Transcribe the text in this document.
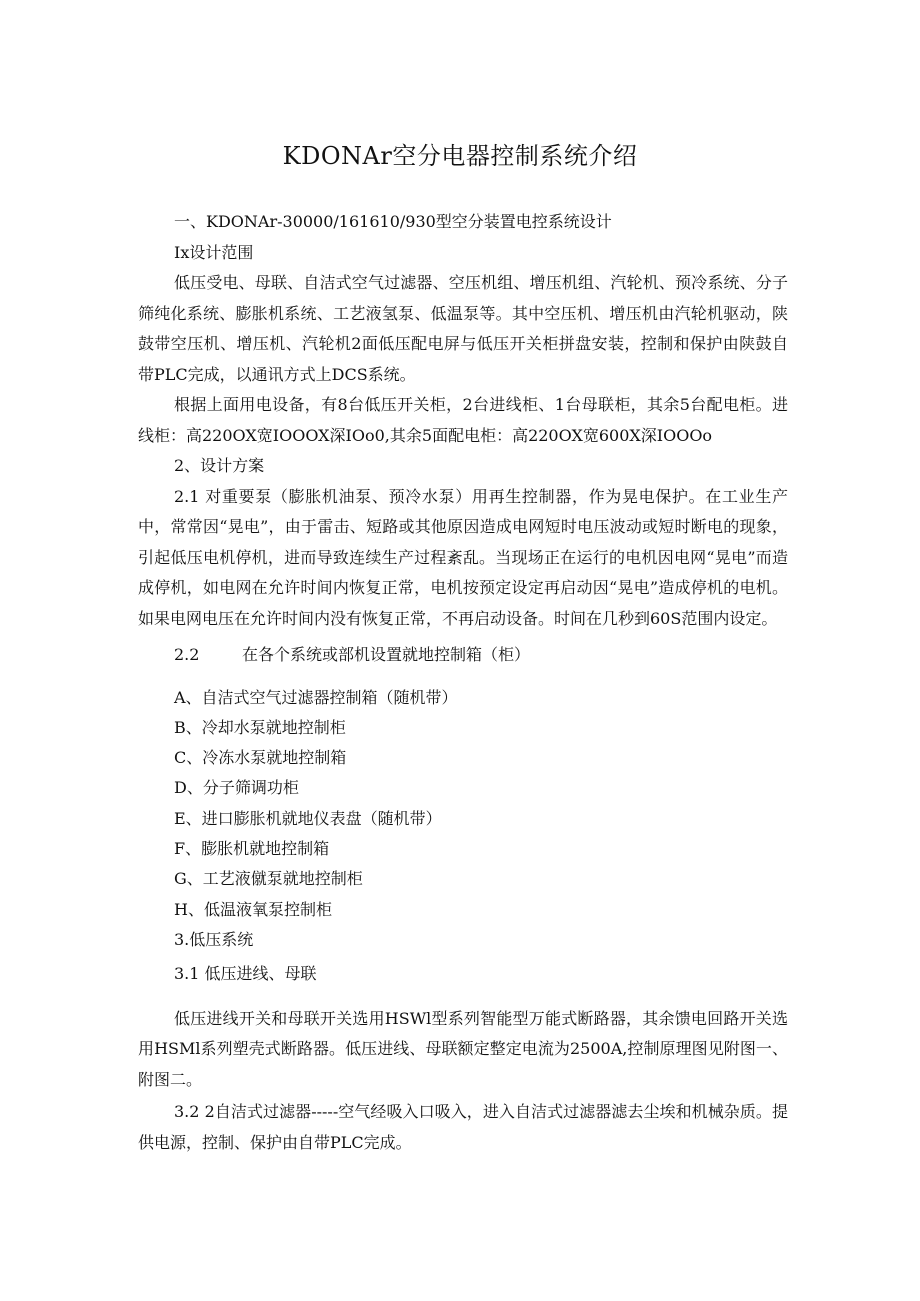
KDONAr空分电器控制系统介绍

一、KDONAr-30000/161610/930型空分装置电控系统设计

Ix设计范围

低压受电、母联、自洁式空气过滤器、空压机组、增压机组、汽轮机、预冷系统、分子筛纯化系统、膨胀机系统、工艺液氢泵、低温泵等。其中空压机、增压机由汽轮机驱动，陕鼓带空压机、增压机、汽轮机2面低压配电屏与低压开关柜拼盘安装，控制和保护由陕鼓自带PLC完成，以通讯方式上DCS系统。

根据上面用电设备，有8台低压开关柜，2台进线柜、1台母联柜，其余5台配电柜。进线柜：高220OX宽IOOOX深IOo0,其余5面配电柜：高220OX宽600X深IOOOo

2、设计方案

2.1 对重要泵（膨胀机油泵、预冷水泵）用再生控制器，作为晃电保护。在工业生产中，常常因“晃电”，由于雷击、短路或其他原因造成电网短时电压波动或短时断电的现象，引起低压电机停机，进而导致连续生产过程紊乱。当现场正在运行的电机因电网“晃电”而造成停机，如电网在允许时间内恢复正常，电机按预定设定再启动因“晃电”造成停机的电机。如果电网电压在允许时间内没有恢复正常，不再启动设备。时间在几秒到60S范围内设定。

2.2	在各个系统或部机设置就地控制箱（柜）

A、自洁式空气过滤器控制箱（随机带）

B、冷却水泵就地控制柜

C、冷冻水泵就地控制箱

D、分子筛调功柜

E、进口膨胀机就地仪表盘（随机带）

F、膨胀机就地控制箱

G、工艺液僦泵就地控制柜

H、低温液氧泵控制柜

3.低压系统

3.1 低压进线、母联

低压进线开关和母联开关选用HSWl型系列智能型万能式断路器，其余馈电回路开关选用HSMl系列塑壳式断路器。低压进线、母联额定整定电流为2500A,控制原理图见附图一、附图二。

3.2 2自洁式过滤器-----空气经吸入口吸入，进入自洁式过滤器滤去尘埃和机械杂质。提供电源，控制、保护由自带PLC完成。
